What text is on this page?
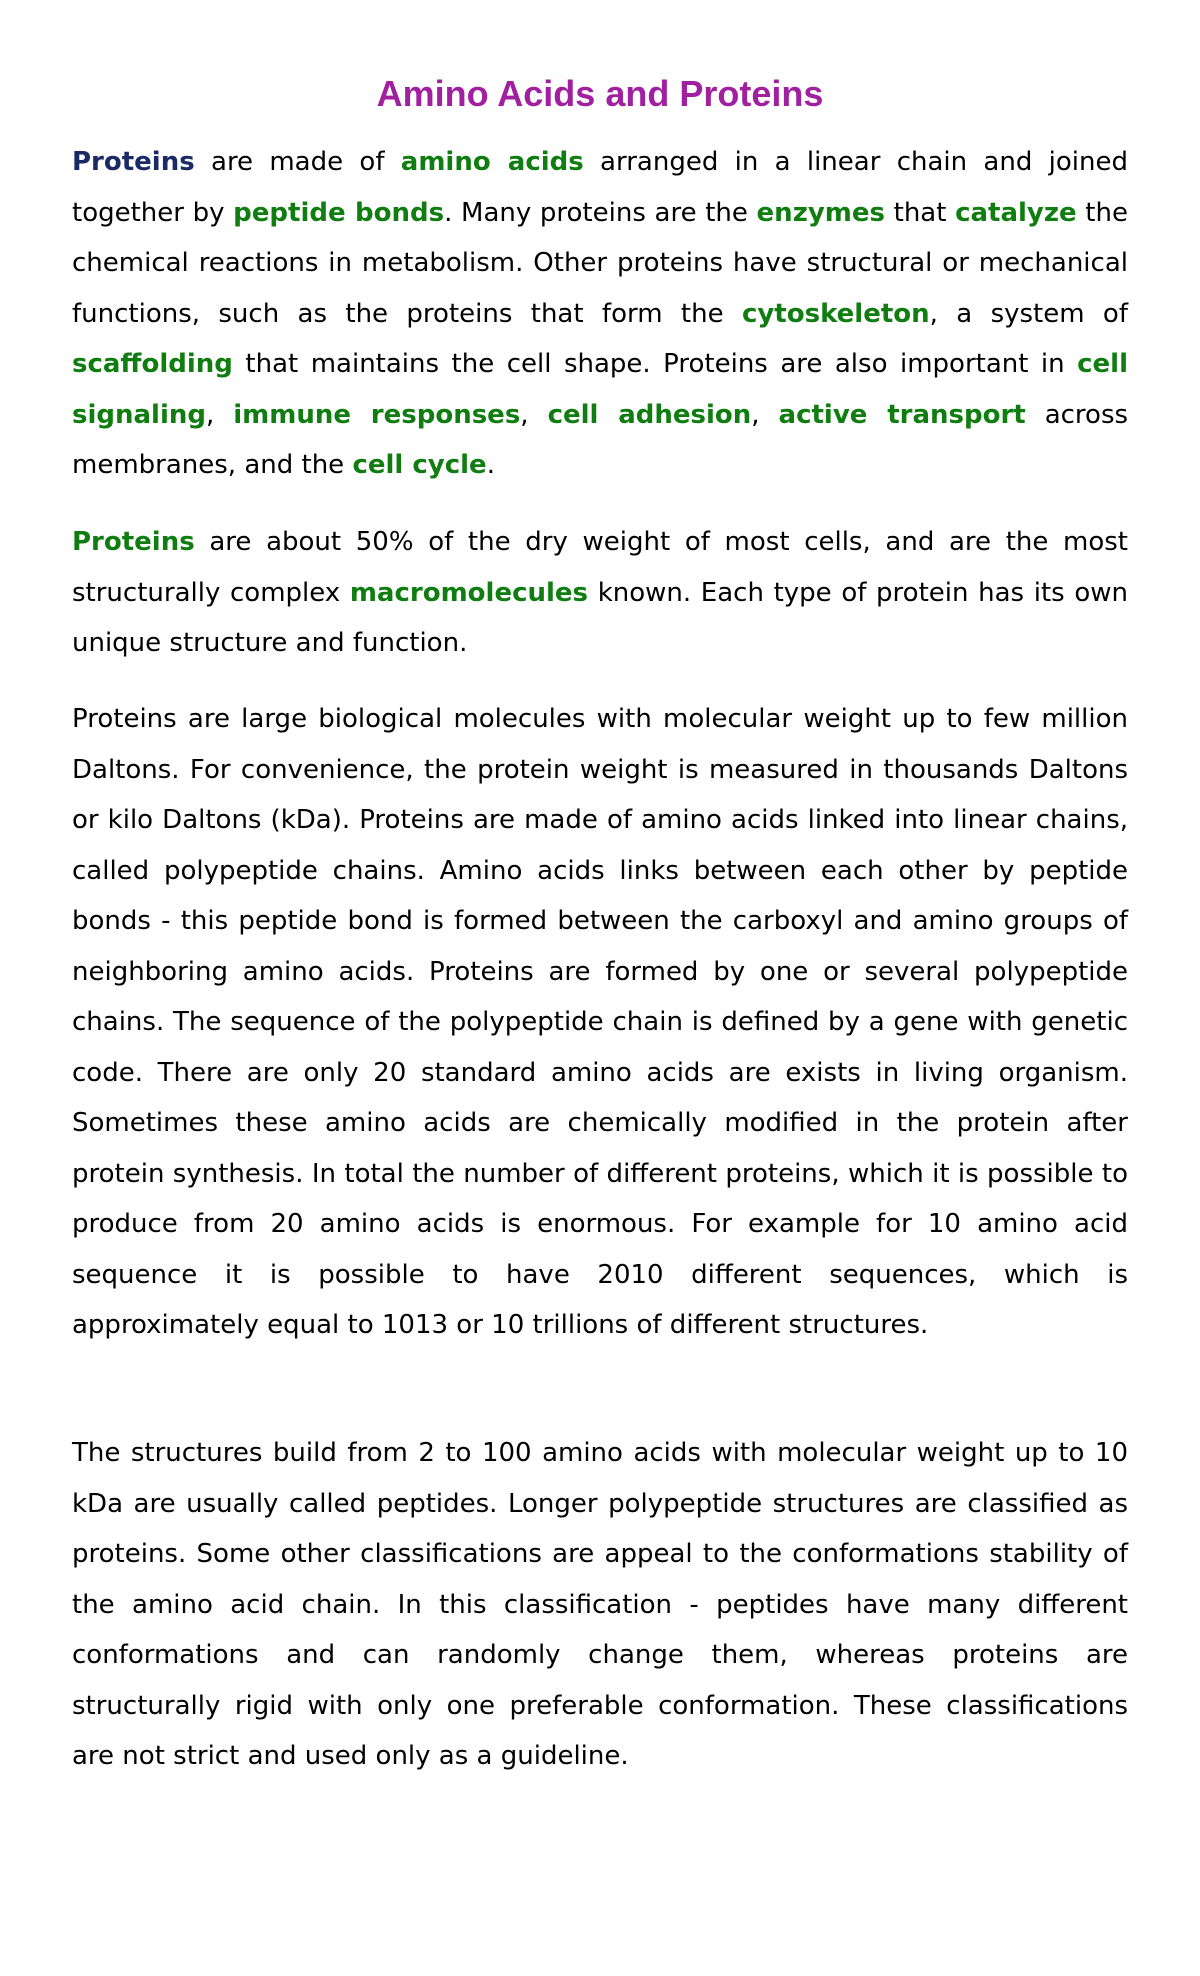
Amino Acids and Proteins

Proteins are made of amino acids arranged in a linear chain and joined together by peptide bonds. Many proteins are the enzymes that catalyze the chemical reactions in metabolism. Other proteins have structural or mechanical functions, such as the proteins that form the cytoskeleton, a system of scaffolding that maintains the cell shape. Proteins are also important in cell signaling, immune responses, cell adhesion, active transport across membranes, and the cell cycle.

Proteins are about 50% of the dry weight of most cells, and are the most structurally complex macromolecules known. Each type of protein has its own unique structure and function.

Proteins are large biological molecules with molecular weight up to few million Daltons. For convenience, the protein weight is measured in thousands Daltons or kilo Daltons (kDa). Proteins are made of amino acids linked into linear chains, called polypeptide chains. Amino acids links between each other by peptide bonds - this peptide bond is formed between the carboxyl and amino groups of neighboring amino acids. Proteins are formed by one or several polypeptide chains. The sequence of the polypeptide chain is defined by a gene with genetic code. There are only 20 standard amino acids are exists in living organism. Sometimes these amino acids are chemically modified in the protein after protein synthesis. In total the number of different proteins, which it is possible to produce from 20 amino acids is enormous. For example for 10 amino acid sequence it is possible to have 2010 different sequences, which is approximately equal to 1013 or 10 trillions of different structures.

The structures build from 2 to 100 amino acids with molecular weight up to 10 kDa are usually called peptides. Longer polypeptide structures are classified as proteins. Some other classifications are appeal to the conformations stability of the amino acid chain. In this classification - peptides have many different conformations and can randomly change them, whereas proteins are structurally rigid with only one preferable conformation. These classifications are not strict and used only as a guideline.
